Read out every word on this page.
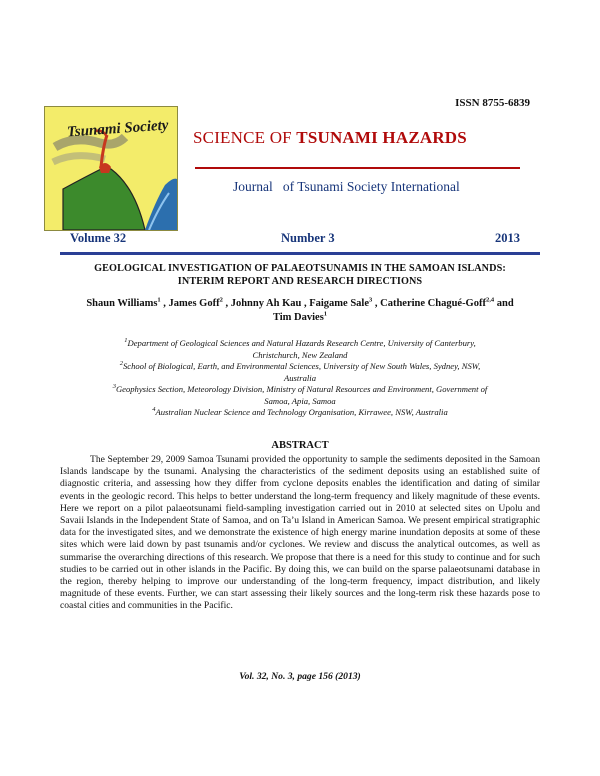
ISSN 8755-6839
Tsunami Society SCIENCE OF TSUNAMI HAZARDS
Journal   of Tsunami Society International
Volume 32	Number 3	2013
GEOLOGICAL INVESTIGATION OF PALAEOTSUNAMIS IN THE SAMOAN ISLANDS:
INTERIM REPORT AND RESEARCH DIRECTIONS
Shaun Williams$^1$ , James Goff$^2$ , Johnny Ah Kau , Faigame Sale$^3$ , Catherine Chagué-Goff$^{2,4}$ and
Tim Davies$^1$
$^1$Department of Geological Sciences and Natural Hazards Research Centre, University of Canterbury,
Christchurch, New Zealand
$^2$School of Biological, Earth, and Environmental Sciences, University of New South Wales, Sydney, NSW,
Australia
$^3$Geophysics Section, Meteorology Division, Ministry of Natural Resources and Environment, Government of
Samoa, Apia, Samoa
$^4$Australian Nuclear Science and Technology Organisation, Kirrawee, NSW, Australia
ABSTRACT
The September 29, 2009 Samoa Tsunami provided the opportunity to sample the sediments deposited in the Samoan Islands landscape by the tsunami. Analysing the characteristics of the sediment deposits using an established suite of diagnostic criteria, and assessing how they differ from cyclone deposits enables the identification and dating of similar events in the geologic record. This helps to better understand the long-term frequency and likely magnitude of these events. Here we report on a pilot palaeotsunami field-sampling investigation carried out in 2010 at selected sites on Upolu and Savaii Islands in the Independent State of Samoa, and on Ta’u Island in American Samoa. We present empirical stratigraphic data for the investigated sites, and we demonstrate the existence of high energy marine inundation deposits at some of these sites which were laid down by past tsunamis and/or cyclones. We review and discuss the analytical outcomes, as well as summarise the overarching directions of this research. We propose that there is a need for this study to continue and for such studies to be carried out in other islands in the Pacific. By doing this, we can build on the sparse palaeotsunami database in the region, thereby helping to improve our understanding of the long-term frequency, impact distribution, and likely magnitude of these events. Further, we can start assessing their likely sources and the long-term risk these hazards pose to coastal cities and communities in the Pacific.
Vol. 32, No. 3, page 156 (2013)
